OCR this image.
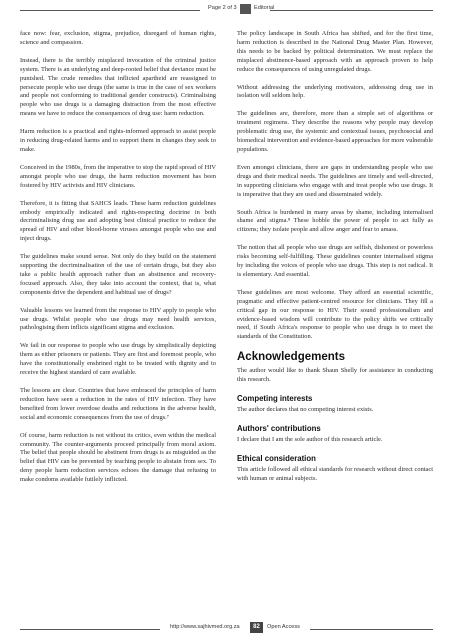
Page 2 of 3	Editorial

face now: fear, exclusion, stigma, prejudice, disregard of human rights, science and compassion.

Instead, there is the terribly misplaced invocation of the criminal justice system. There is an underlying and deep-rooted belief that deviance must be punished. The crude remedies that inflicted apartheid are reassigned to persecute people who use drugs (the same is true in the case of sex workers and people not conforming to traditional gender constructs). Criminalising people who use drugs is a damaging distraction from the most effective means we have to reduce the consequences of drug use: harm reduction.

Harm reduction is a practical and rights-informed approach to assist people in reducing drug-related harms and to support them in changes they seek to make.

Conceived in the 1980s, from the imperative to stop the rapid spread of HIV amongst people who use drugs, the harm reduction movement has been fostered by HIV activists and HIV clinicians.

Therefore, it is fitting that SAHCS leads. These harm reduction guidelines embody empirically indicated and rights-respecting doctrine in both decriminalising drug use and adopting best clinical practice to reduce the spread of HIV and other blood-borne viruses amongst people who use and inject drugs.

The guidelines make sound sense. Not only do they build on the statement supporting the decriminalisation of the use of certain drugs, but they also take a public health approach rather than an abstinence and recovery-focused approach. Also, they take into account the context, that is, what components drive the dependent and habitual use of drugs?

Valuable lessons we learned from the response to HIV apply to people who use drugs. Whilst people who use drugs may need health services, pathologising them inflicts significant stigma and exclusion.

We fail in our response to people who use drugs by simplistically depicting them as either prisoners or patients. They are first and foremost people, who have the constitutionally enshrined right to be treated with dignity and to receive the highest standard of care available.

The lessons are clear. Countries that have embraced the principles of harm reduction have seen a reduction in the rates of HIV infection. They have benefited from lower overdose deaths and reductions in the adverse health, social and economic consequences from the use of drugs.⁷

Of course, harm reduction is not without its critics, even within the medical community. The counter-arguments proceed principally from moral axiom. The belief that people should be abstinent from drugs is as misguided as the belief that HIV can be prevented by teaching people to abstain from sex. To deny people harm reduction services echoes the damage that refusing to make condoms available futilely inflicted.

The policy landscape in South Africa has shifted, and for the first time, harm reduction is described in the National Drug Master Plan. However, this needs to be backed by political determination. We must replace the misplaced abstinence-based approach with an approach proven to help reduce the consequences of using unregulated drugs.

Without addressing the underlying motivators, addressing drug use in isolation will seldom help.

The guidelines are, therefore, more than a simple set of algorithms or treatment regimens. They describe the reasons why people may develop problematic drug use, the systemic and contextual issues, psychosocial and biomedical intervention and evidence-based approaches for more vulnerable populations.

Even amongst clinicians, there are gaps in understanding people who use drugs and their medical needs. The guidelines are timely and well-directed, in supporting clinicians who engage with and treat people who use drugs. It is imperative that they are used and disseminated widely.

South Africa is burdened in many areas by shame, including internalised shame and stigma.⁸ These hobble the power of people to act fully as citizens; they isolate people and allow anger and fear to amass.

The notion that all people who use drugs are selfish, dishonest or powerless risks becoming self-fulfilling. These guidelines counter internalised stigma by including the voices of people who use drugs. This step is not radical. It is elementary. And essential.

These guidelines are most welcome. They afford an essential scientific, pragmatic and effective patient-centred resource for clinicians. They fill a critical gap in our response to HIV. Their sound professionalism and evidence-based wisdom will contribute to the policy shifts we critically need, if South Africa's response to people who use drugs is to meet the standards of the Constitution.

Acknowledgements

The author would like to thank Shaun Shelly for assistance in conducting this research.

Competing interests

The author declares that no competing interest exists.

Authors' contributions

I declare that I am the sole author of this research article.

Ethical consideration

This article followed all ethical standards for research without direct contact with human or animal subjects.

http://www.sajhivmed.org.za	82	Open Access
